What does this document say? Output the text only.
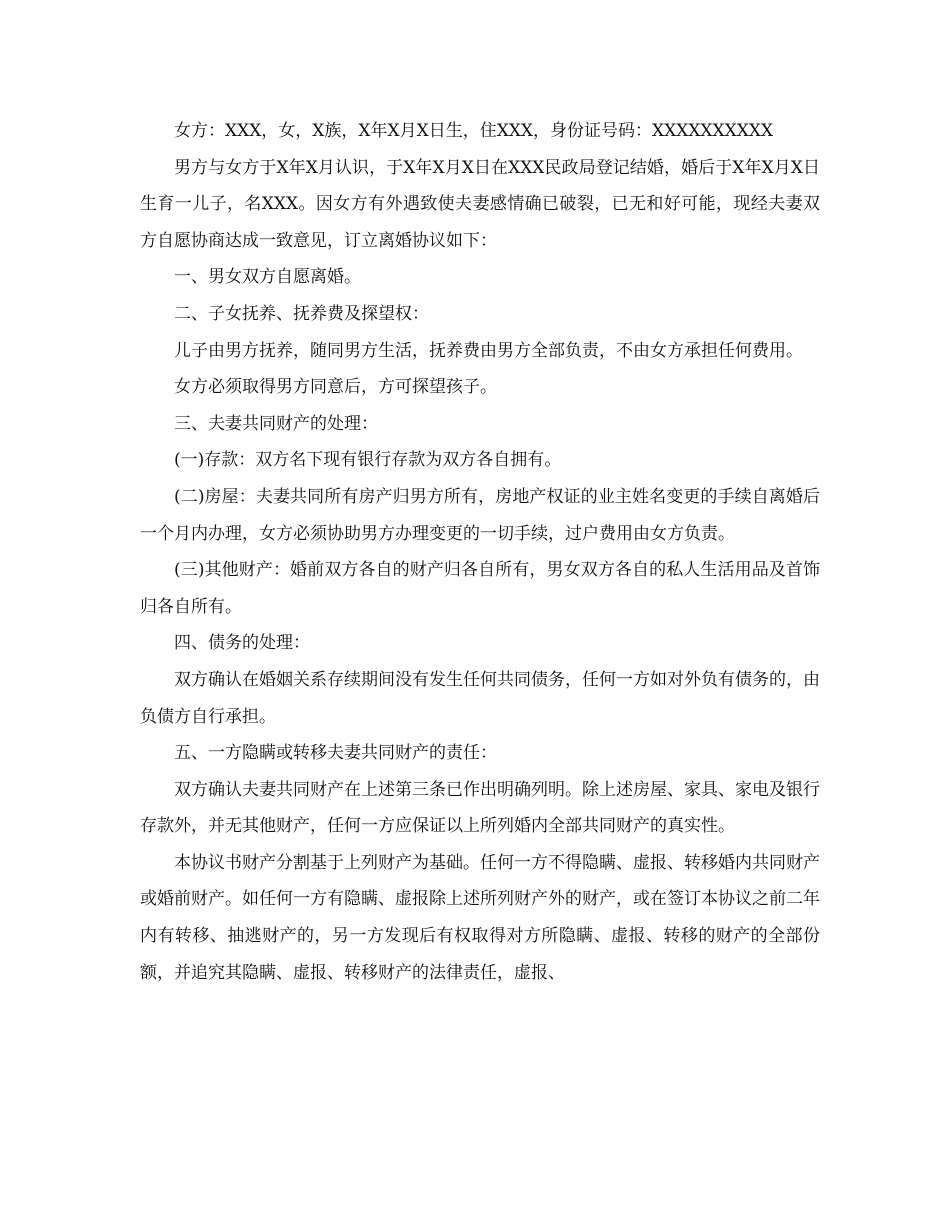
女方：XXX，女，X族，X年X月X日生，住XXX，身份证号码：XXXXXXXXXX

男方与女方于X年X月认识，于X年X月X日在XXX民政局登记结婚，婚后于X年X月X日生育一儿子，名XXX。因女方有外遇致使夫妻感情确已破裂，已无和好可能，现经夫妻双方自愿协商达成一致意见，订立离婚协议如下：

一、男女双方自愿离婚。

二、子女抚养、抚养费及探望权：

儿子由男方抚养，随同男方生活，抚养费由男方全部负责，不由女方承担任何费用。

女方必须取得男方同意后，方可探望孩子。

三、夫妻共同财产的处理：

(一)存款：双方名下现有银行存款为双方各自拥有。

(二)房屋：夫妻共同所有房产归男方所有，房地产权证的业主姓名变更的手续自离婚后一个月内办理，女方必须协助男方办理变更的一切手续，过户费用由女方负责。

(三)其他财产：婚前双方各自的财产归各自所有，男女双方各自的私人生活用品及首饰归各自所有。

四、债务的处理：

双方确认在婚姻关系存续期间没有发生任何共同债务，任何一方如对外负有债务的，由负债方自行承担。

五、一方隐瞒或转移夫妻共同财产的责任：

双方确认夫妻共同财产在上述第三条已作出明确列明。除上述房屋、家具、家电及银行存款外，并无其他财产，任何一方应保证以上所列婚内全部共同财产的真实性。

本协议书财产分割基于上列财产为基础。任何一方不得隐瞒、虚报、转移婚内共同财产或婚前财产。如任何一方有隐瞒、虚报除上述所列财产外的财产，或在签订本协议之前二年内有转移、抽逃财产的，另一方发现后有权取得对方所隐瞒、虚报、转移的财产的全部份额，并追究其隐瞒、虚报、转移财产的法律责任，虚报、
